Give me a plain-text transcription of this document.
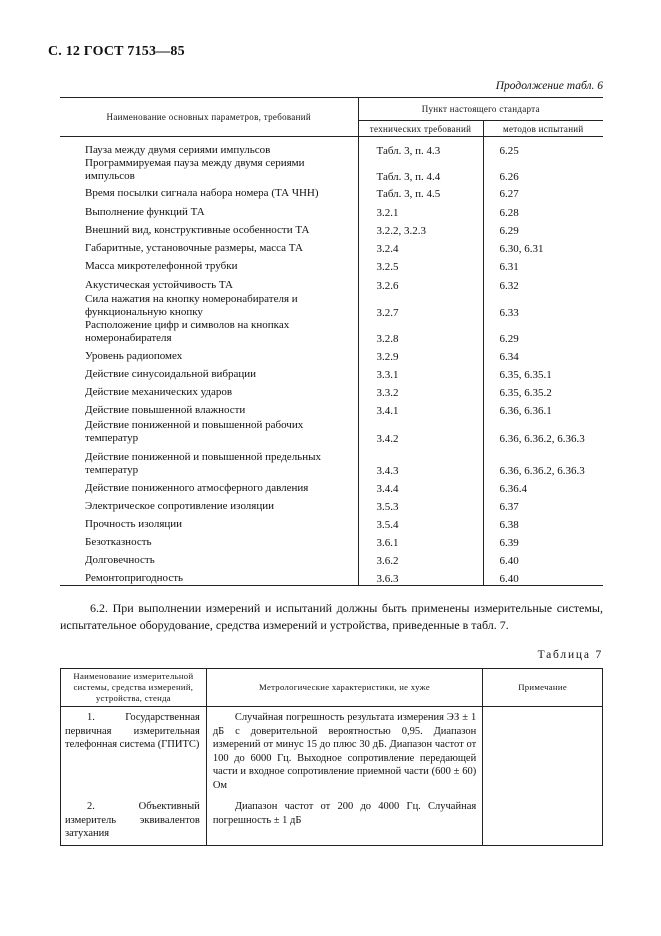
С. 12 ГОСТ 7153—85
Продолжение табл. 6
Наименование основных параметров, требований	Пункт настоящего стандарта	
	технических требований	методов испытаний
Пауза между двумя сериями импульсов	Табл. 3, п. 4.3	6.25
Программируемая пауза между двумя сериями импульсов	Табл. 3, п. 4.4	6.26
Время посылки сигнала набора номера (ТА ЧНН)	Табл. 3, п. 4.5	6.27
Выполнение функций ТА	3.2.1	6.28
Внешний вид, конструктивные особенности ТА	3.2.2, 3.2.3	6.29
Габаритные, установочные размеры, масса ТА	3.2.4	6.30, 6.31
Масса микротелефонной трубки	3.2.5	6.31
Акустическая устойчивость ТА	3.2.6	6.32
Сила нажатия на кнопку номеронабирателя и функциональную кнопку	3.2.7	6.33
Расположение цифр и символов на кнопках номеронабирателя	3.2.8	6.29
Уровень радиопомех	3.2.9	6.34
Действие синусоидальной вибрации	3.3.1	6.35, 6.35.1
Действие механических ударов	3.3.2	6.35, 6.35.2
Действие повышенной влажности	3.4.1	6.36, 6.36.1
Действие пониженной и повышенной рабочих температур	3.4.2	6.36, 6.36.2, 6.36.3
Действие пониженной и повышенной предельных температур	3.4.3	6.36, 6.36.2, 6.36.3
Действие пониженного атмосферного давления	3.4.4	6.36.4
Электрическое сопротивление изоляции	3.5.3	6.37
Прочность изоляции	3.5.4	6.38
Безотказность	3.6.1	6.39
Долговечность	3.6.2	6.40
Ремонтопригодность	3.6.3	6.40
6.2. При выполнении измерений и испытаний должны быть применены измерительные системы, испытательное оборудование, средства измерений и устройства, приведенные в табл. 7.
Таблица 7
Наименование измерительной системы, средства измерений, устройства, стенда	Метрологические характеристики, не хуже	Примечание
1. Государственная первичная измерительная телефонная система (ГПИТС)	Случайная погрешность результата измерения ЭЗ ± 1 дБ с доверительной вероятностью 0,95. Диапазон измерений от минус 15 до плюс 30 дБ. Диапазон частот от 100 до 6000 Гц. Выходное сопротивление передающей части и входное сопротивление приемной части (600 ± 60) Ом	
2. Объективный измеритель эквивалентов затухания	Диапазон частот от 200 до 4000 Гц. Случайная погрешность ± 1 дБ	
